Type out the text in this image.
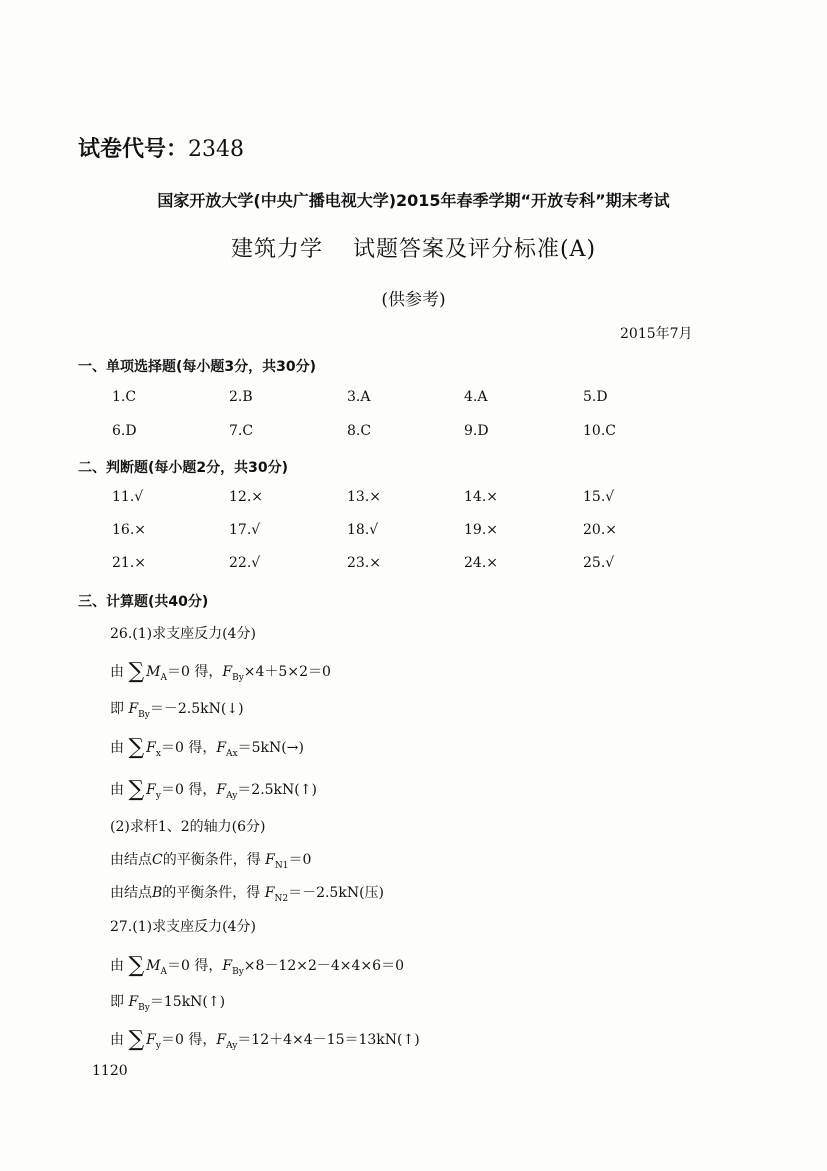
试卷代号：2348
国家开放大学(中央广播电视大学)2015年春季学期“开放专科”期末考试
建筑力学 试题答案及评分标准(A)
(供参考)
2015年7月
一、单项选择题(每小题3分，共30分)
1.C	2.B	3.A	4.A	5.D
6.D	7.C	8.C	9.D	10.C
二、判断题(每小题2分，共30分)
11.√	12.×	13.×	14.×	15.√
16.×	17.√	18.√	19.×	20.×
21.×	22.√	23.×	24.×	25.√
三、计算题(共40分)
26.(1)求支座反力(4分)
由 ∑ $M_A=0$ 得，$F_{By}\times 4+5\times 2=0$
即 $F_{By}=-2.5kN(↓)$
由 ∑ $F_x=0$ 得，$F_{Ax}=5kN(\to)$
由 ∑ $F_y=0$ 得，$F_{Ay}=2.5kN(↑)$
(2)求杆1、2的轴力(6分)
由结点C的平衡条件，得 $F_{N1}=0$
由结点B的平衡条件，得 $F_{N2}=-2.5kN$(压)
27.(1)求支座反力(4分)
由 ∑ $M_A=0$ 得，$F_{By}\times 8-12\times 2-4\times 4\times 6=0$
即 $F_{By}=15kN(↑)$
由 ∑ $F_y=0$ 得，$F_{Ay}=12+4\times 4-15=13kN(↑)$
1120
